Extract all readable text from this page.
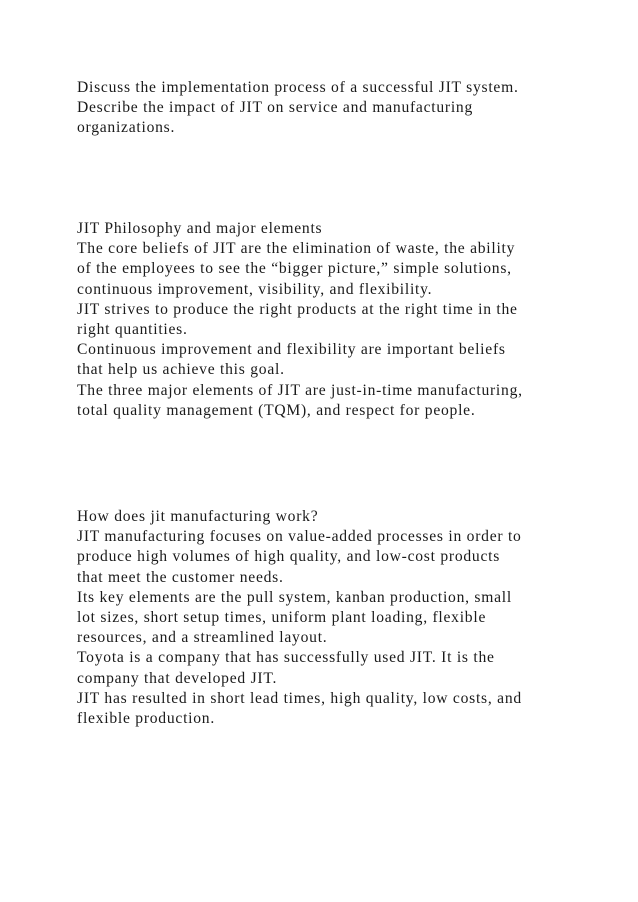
Discuss the implementation process of a successful JIT system.
Describe the impact of JIT on service and manufacturing
organizations.
JIT Philosophy and major elements
The core beliefs of JIT are the elimination of waste, the ability
of the employees to see the “bigger picture,” simple solutions,
continuous improvement, visibility, and flexibility.
JIT strives to produce the right products at the right time in the
right quantities.
Continuous improvement and flexibility are important beliefs
that help us achieve this goal.
The three major elements of JIT are just-in-time manufacturing,
total quality management (TQM), and respect for people.
How does jit manufacturing work?
JIT manufacturing focuses on value-added processes in order to
produce high volumes of high quality, and low-cost products
that meet the customer needs.
Its key elements are the pull system, kanban production, small
lot sizes, short setup times, uniform plant loading, flexible
resources, and a streamlined layout.
Toyota is a company that has successfully used JIT. It is the
company that developed JIT.
JIT has resulted in short lead times, high quality, low costs, and
flexible production.
